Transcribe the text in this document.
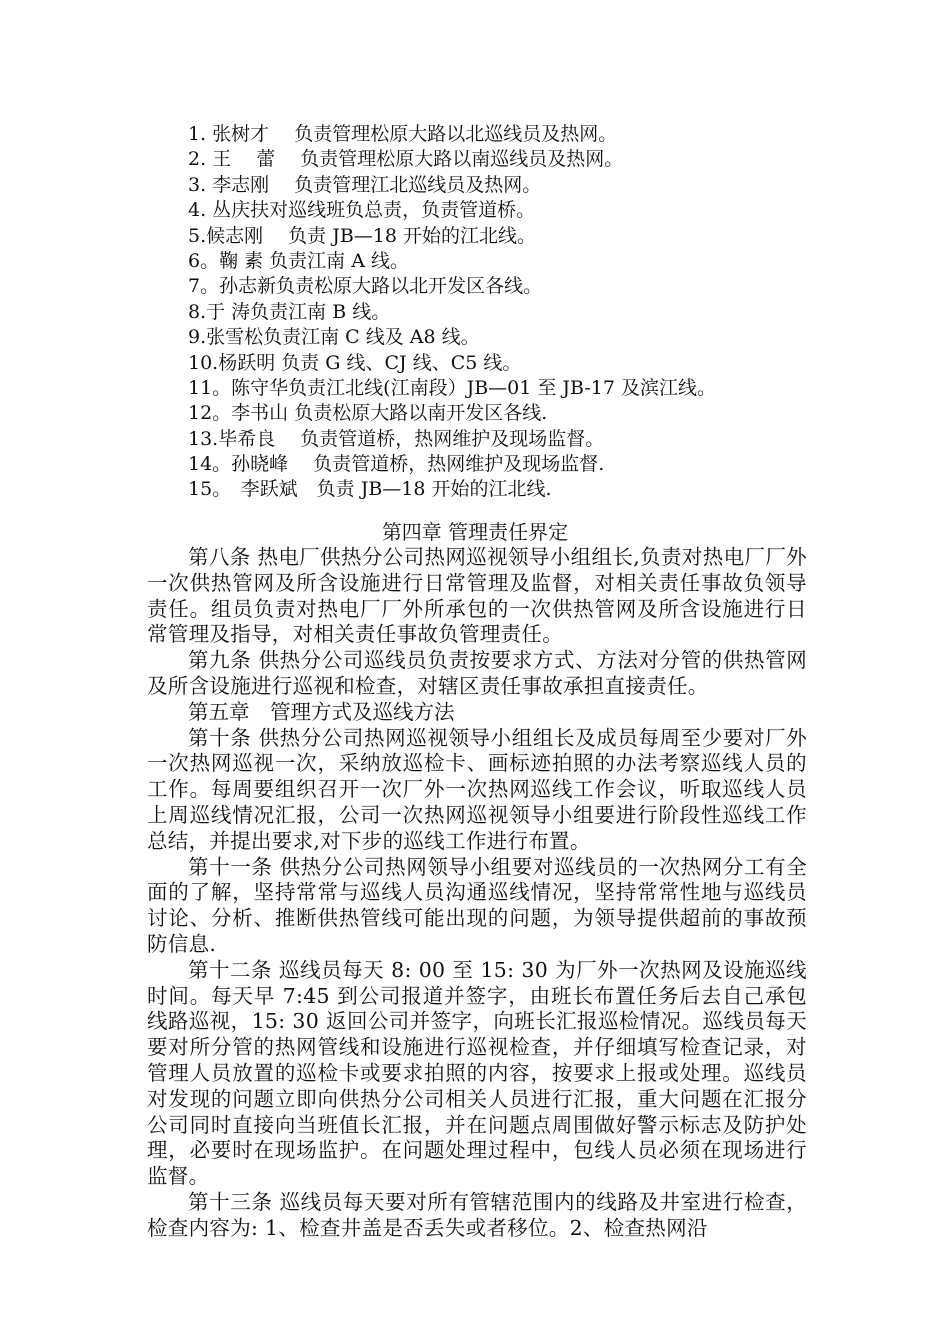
1. 张树才　 负责管理松原大路以北巡线员及热网。
2. 王　 蕾　 负责管理松原大路以南巡线员及热网。
3. 李志刚　 负责管理江北巡线员及热网。
4. 丛庆扶对巡线班负总责，负责管道桥。
5.候志刚　 负责 JB—18 开始的江北线。
6。鞠 素 负责江南 A 线。
7。孙志新负责松原大路以北开发区各线。
8.于 涛负责江南 B 线。
9.张雪松负责江南 C 线及 A8 线。
10.杨跃明 负责 G 线、CJ 线、C5 线。
11。陈守华负责江北线(江南段）JB—01 至 JB-17 及滨江线。
12。李书山 负责松原大路以南开发区各线.
13.毕希良　 负责管道桥，热网维护及现场监督。
14。孙晓峰　 负责管道桥，热网维护及现场监督.
15。　李跃斌　负责 JB—18 开始的江北线.
第四章 管理责任界定

第八条 热电厂供热分公司热网巡视领导小组组长,负责对热电厂厂外一次供热管网及所含设施进行日常管理及监督，对相关责任事故负领导责任。组员负责对热电厂厂外所承包的一次供热管网及所含设施进行日常管理及指导，对相关责任事故负管理责任。

第九条 供热分公司巡线员负责按要求方式、方法对分管的供热管网及所含设施进行巡视和检查，对辖区责任事故承担直接责任。

第五章　管理方式及巡线方法

第十条 供热分公司热网巡视领导小组组长及成员每周至少要对厂外一次热网巡视一次，采纳放巡检卡、画标迹拍照的办法考察巡线人员的工作。每周要组织召开一次厂外一次热网巡线工作会议，听取巡线人员上周巡线情况汇报，公司一次热网巡视领导小组要进行阶段性巡线工作总结，并提出要求,对下步的巡线工作进行布置。

第十一条 供热分公司热网领导小组要对巡线员的一次热网分工有全面的了解，坚持常常与巡线人员沟通巡线情况，坚持常常性地与巡线员讨论、分析、推断供热管线可能出现的问题，为领导提供超前的事故预防信息.

第十二条 巡线员每天 8: 00 至 15: 30 为厂外一次热网及设施巡线时间。每天早 7:45 到公司报道并签字，由班长布置任务后去自己承包线路巡视，15: 30 返回公司并签字，向班长汇报巡检情况。巡线员每天要对所分管的热网管线和设施进行巡视检查，并仔细填写检查记录，对管理人员放置的巡检卡或要求拍照的内容，按要求上报或处理。巡线员对发现的问题立即向供热分公司相关人员进行汇报，重大问题在汇报分公司同时直接向当班值长汇报，并在问题点周围做好警示标志及防护处理，必要时在现场监护。在问题处理过程中，包线人员必须在现场进行监督。

第十三条 巡线员每天要对所有管辖范围内的线路及井室进行检查，检查内容为: 1、检查井盖是否丢失或者移位。2、检查热网沿
